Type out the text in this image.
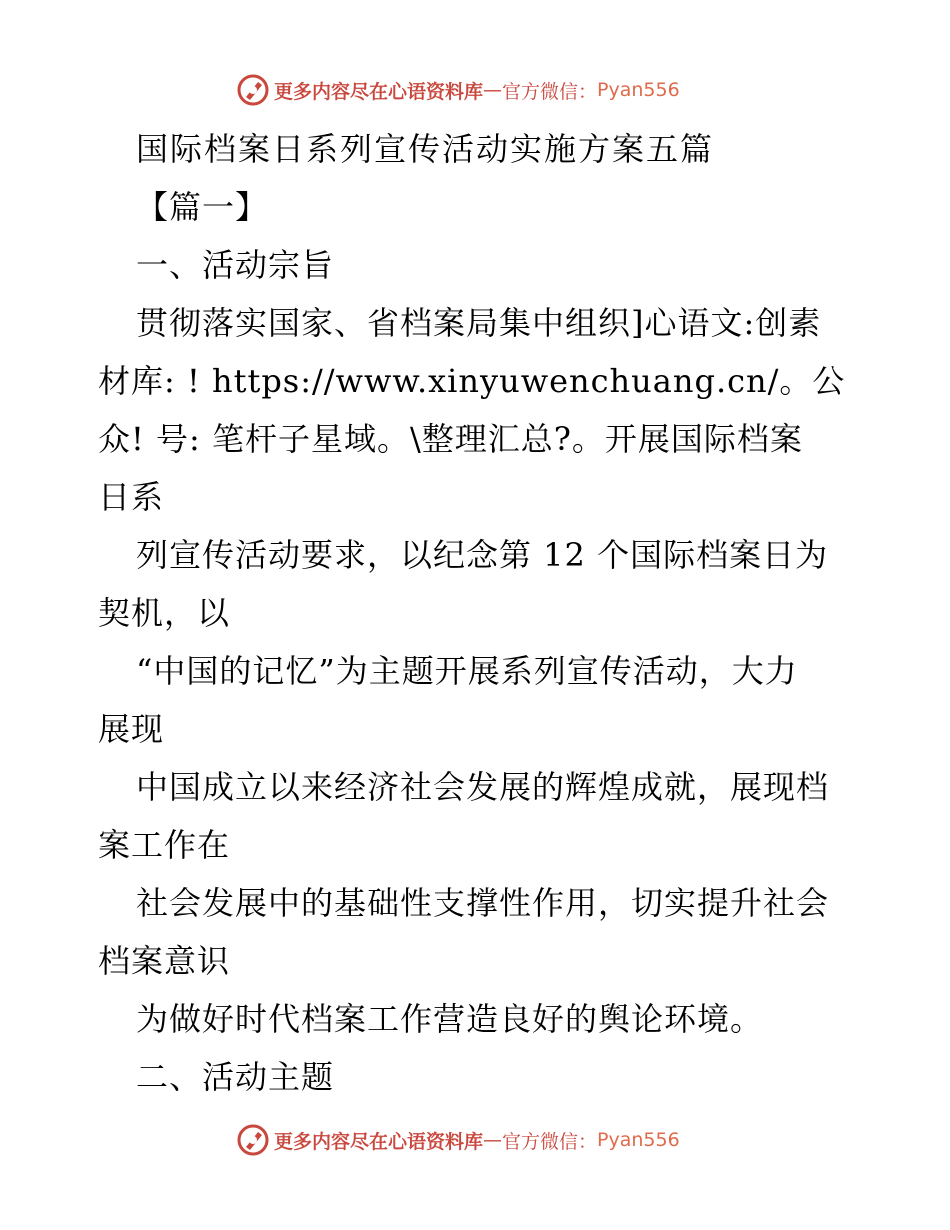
更多内容尽在心语资料库 — 官方微信： Pyan556
国际档案日系列宣传活动实施方案五篇
【篇一】
一、活动宗旨
贯彻落实国家、省档案局集中组织]心语文:创素
材库: ! https://www.xinyuwenchuang.cn/。公
众! 号: 笔杆子星域。\整理汇总?。开展国际档案
日系
列宣传活动要求，以纪念第 12 个国际档案日为
契机，以
“中国的记忆”为主题开展系列宣传活动，大力
展现
中国成立以来经济社会发展的辉煌成就，展现档
案工作在
社会发展中的基础性支撑性作用，切实提升社会
档案意识
为做好时代档案工作营造良好的舆论环境。
二、活动主题
更多内容尽在心语资料库 — 官方微信： Pyan556
